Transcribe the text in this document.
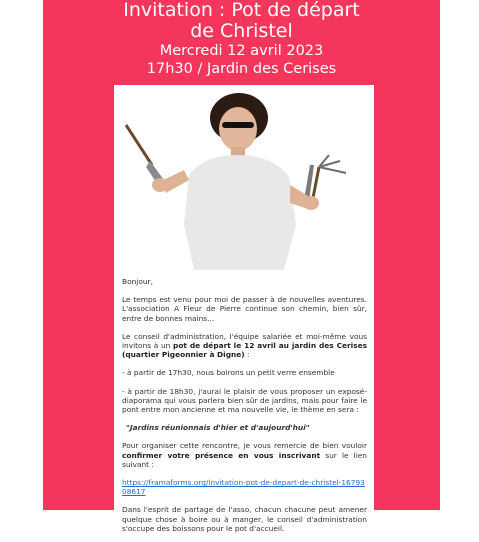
Invitation : Pot de départ
de Christel
Mercredi 12 avril 2023
17h30 / Jardin des Cerises

Bonjour,

Le temps est venu pour moi de passer à de nouvelles aventures. L'association A Fleur de Pierre continue son chemin, bien sûr, entre de bonnes mains...

Le conseil d'administration, l'équipe salariée et moi-même vous invitons à un pot de départ le 12 avril au jardin des Cerises (quartier Pigeonnier à Digne) :

- à partir de 17h30, nous boirons un petit verre ensemble

- à partir de 18h30, j'aurai le plaisir de vous proposer un exposé-diaporama qui vous parlera bien sûr de jardins, mais pour faire le pont entre mon ancienne et ma nouvelle vie, le thème en sera :

"Jardins réunionnais d'hier et d'aujourd'hui"

Pour organiser cette rencontre, je vous remercie de bien vouloir confirmer votre présence en vous inscrivant sur le lien suivant :

https://framaforms.org/invitation-pot-de-depart-de-christel-1679308617

Dans l'esprit de partage de l'asso, chacun chacune peut amener quelque chose à boire ou à manger, le conseil d'administration s'occupe des boissons pour le pot d'accueil.
